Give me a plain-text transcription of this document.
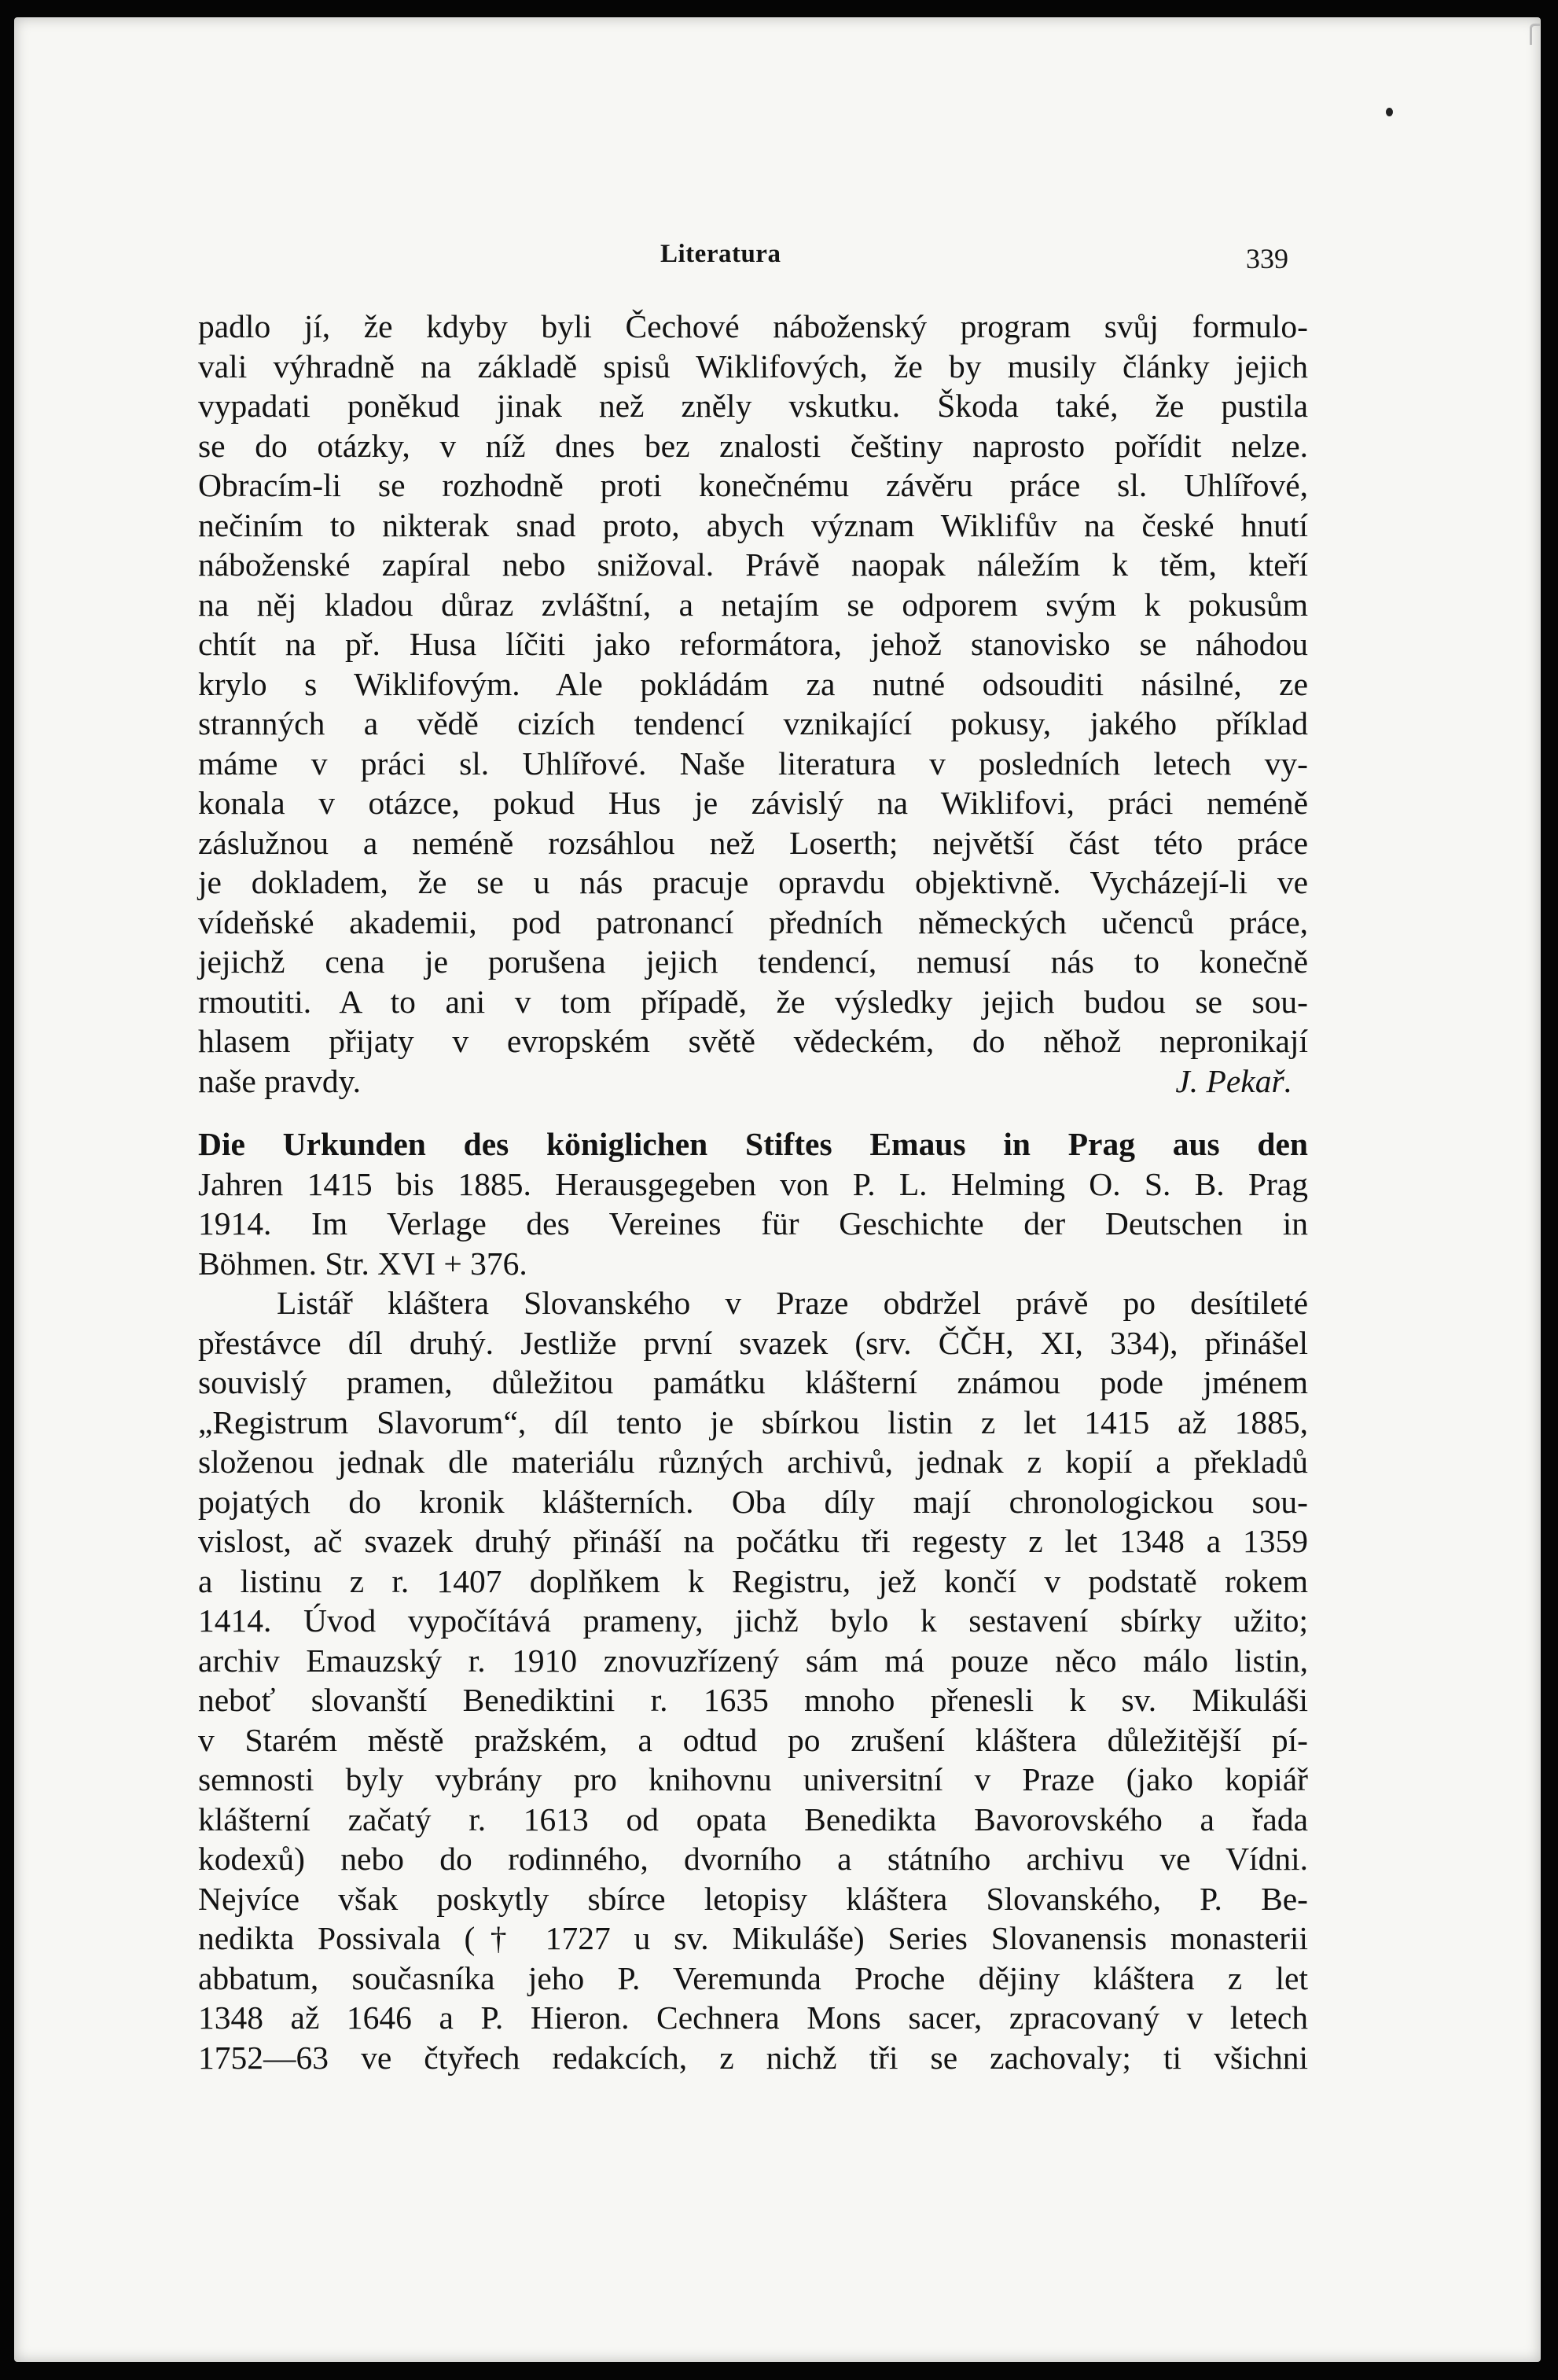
Literatura	339
padlo jí, že kdyby byli Čechové náboženský program svůj formulo-
vali výhradně na základě spisů Wiklifových, že by musily články jejich
vypadati poněkud jinak než zněly vskutku. Škoda také, že pustila
se do otázky, v níž dnes bez znalosti češtiny naprosto pořídit nelze.
Obracím-li se rozhodně proti konečnému závěru práce sl. Uhlířové,
nečiním to nikterak snad proto, abych význam Wiklifův na české hnutí
náboženské zapíral nebo snižoval. Právě naopak náležím k těm, kteří
na něj kladou důraz zvláštní, a netajím se odporem svým k pokusům
chtít na př. Husa líčiti jako reformátora, jehož stanovisko se náhodou
krylo s Wiklifovým. Ale pokládám za nutné odsouditi násilné, ze
stranných a vědě cizích tendencí vznikající pokusy, jakého příklad
máme v práci sl. Uhlířové. Naše literatura v posledních letech vy-
konala v otázce, pokud Hus je závislý na Wiklifovi, práci neméně
záslužnou a neméně rozsáhlou než Loserth; největší část této práce
je dokladem, že se u nás pracuje opravdu objektivně. Vycházejí-li ve
vídeňské akademii, pod patronancí předních německých učenců práce,
jejichž cena je porušena jejich tendencí, nemusí nás to konečně
rmoutiti. A to ani v tom případě, že výsledky jejich budou se sou-
hlasem přijaty v evropském světě vědeckém, do něhož nepronikají
naše pravdy.	J. Pekař.
Die Urkunden des königlichen Stiftes Emaus in Prag aus den
Jahren 1415 bis 1885. Herausgegeben von P. L. Helming O. S. B. Prag
1914. Im Verlage des Vereines für Geschichte der Deutschen in
Böhmen. Str. XVI + 376.
Listář kláštera Slovanského v Praze obdržel právě po desítileté
přestávce díl druhý. Jestliže první svazek (srv. ČČH, XI, 334), přinášel
souvislý pramen, důležitou památku klášterní známou pode jménem
„Registrum Slavorum“, díl tento je sbírkou listin z let 1415 až 1885,
složenou jednak dle materiálu různých archivů, jednak z kopií a překladů
pojatých do kronik klášterních. Oba díly mají chronologickou sou-
vislost, ač svazek druhý přináší na počátku tři regesty z let 1348 a 1359
a listinu z r. 1407 doplňkem k Registru, jež končí v podstatě rokem
1414. Úvod vypočítává prameny, jichž bylo k sestavení sbírky užito;
archiv Emauzský r. 1910 znovuzřízený sám má pouze něco málo listin,
neboť slovanští Benediktini r. 1635 mnoho přenesli k sv. Mikuláši
v Starém městě pražském, a odtud po zrušení kláštera důležitější pí-
semnosti byly vybrány pro knihovnu universitní v Praze (jako kopiář
klášterní začatý r. 1613 od opata Benedikta Bavorovského a řada
kodexů) nebo do rodinného, dvorního a státního archivu ve Vídni.
Nejvíce však poskytly sbírce letopisy kláštera Slovanského, P. Be-
nedikta Possivala († 1727 u sv. Mikuláše) Series Slovanensis monasterii
abbatum, současníka jeho P. Veremunda Proche dějiny kláštera z let
1348 až 1646 a P. Hieron. Cechnera Mons sacer, zpracovaný v letech
1752—63 ve čtyřech redakcích, z nichž tři se zachovaly; ti všichni
